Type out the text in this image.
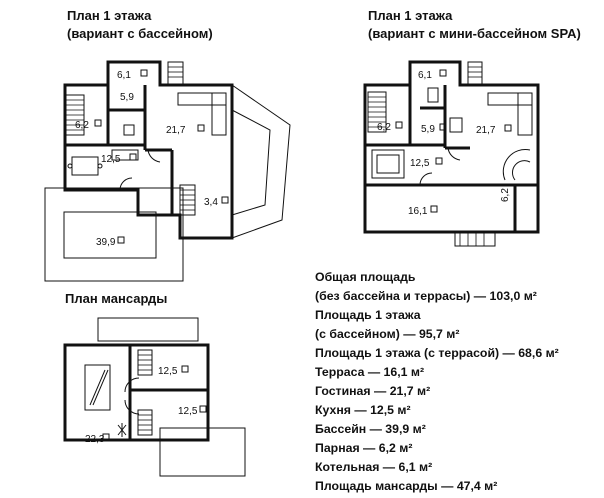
План 1 этажа
(вариант с бассейном)
План 1 этажа
(вариант с мини-бассейном SPA)
План мансарды
6,1
5,9
6,2	21,7
12,5
3,4
39,9
6,1
6,2	5,9	21,7
12,5
16,1
6,2
12,5
12,5
22,3
Общая площадь
(без бассейна и террасы) — 103,0 м²
Площадь 1 этажа
(с бассейном) — 95,7 м²
Площадь 1 этажа (с террасой) — 68,6 м²
Терраса — 16,1 м²
Гостиная — 21,7 м²
Кухня — 12,5 м²
Бассейн — 39,9 м²
Парная — 6,2 м²
Котельная — 6,1 м²
Площадь мансарды — 47,4 м²
